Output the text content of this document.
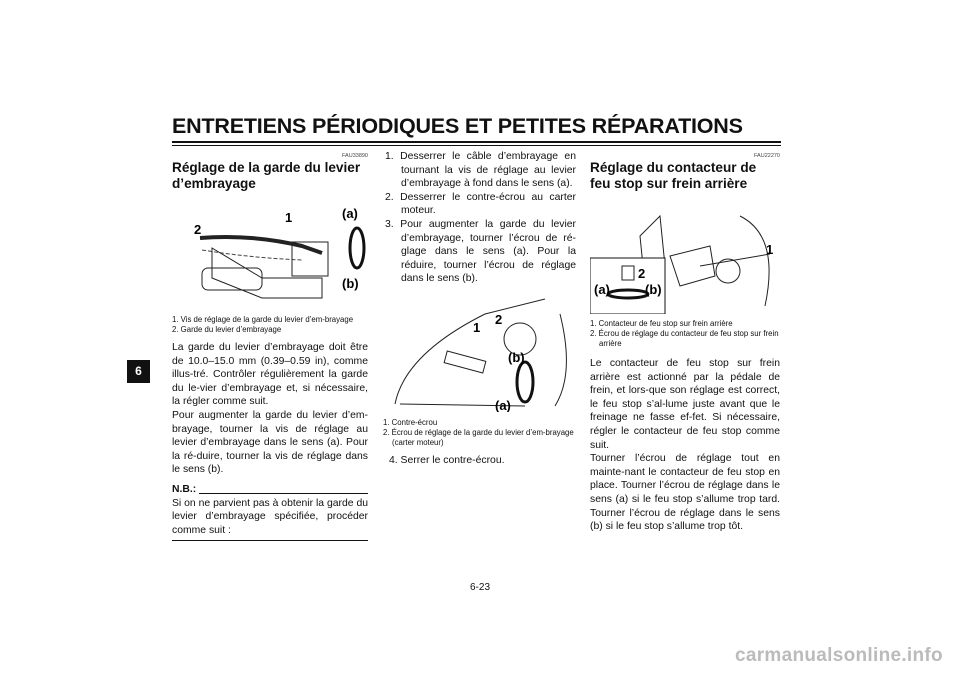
ENTRETIENS PÉRIODIQUES ET PETITES RÉPARATIONS
6
FAU33890
Réglage de la garde du levier d’embrayage
1
2
(a)
(b)
1. Vis de réglage de la garde du levier d’em-brayage
2. Garde du levier d’embrayage

La garde du levier d’embrayage doit être de 10.0–15.0 mm (0.39–0.59 in), comme illus-tré. Contrôler régulièrement la garde du le-vier d’embrayage et, si nécessaire, la régler comme suit.

Pour augmenter la garde du levier d’em-brayage, tourner la vis de réglage au levier d’embrayage dans le sens (a). Pour la ré-duire, tourner la vis de réglage dans le sens (b).

N.B.:

Si on ne parvient pas à obtenir la garde du levier d’embrayage spécifiée, procéder comme suit :

1. Desserrer le câble d’embrayage en tournant la vis de réglage au levier d’embrayage à fond dans le sens (a).
2. Desserrer le contre-écrou au carter moteur.
3. Pour augmenter la garde du levier d’embrayage, tourner l’écrou de ré-glage dans le sens (a). Pour la réduire, tourner l’écrou de réglage dans le sens (b).
1
2
(b)
(a)
1. Contre-écrou
2. Écrou de réglage de la garde du levier d’em-brayage (carter moteur)
4. Serrer le contre-écrou.
FAU22270
Réglage du contacteur de feu stop sur frein arrière
1
2
(a)	(b)
1. Contacteur de feu stop sur frein arrière
2. Écrou de réglage du contacteur de feu stop sur frein arrière

Le contacteur de feu stop sur frein arrière est actionné par la pédale de frein, et lors-que son réglage est correct, le feu stop s’al-lume juste avant que le freinage ne fasse ef-fet. Si nécessaire, régler le contacteur de feu stop comme suit.

Tourner l’écrou de réglage tout en mainte-nant le contacteur de feu stop en place. Tourner l’écrou de réglage dans le sens (a) si le feu stop s’allume trop tard. Tourner l’écrou de réglage dans le sens (b) si le feu stop s’allume trop tôt.

6-23
carmanualsonline.info
